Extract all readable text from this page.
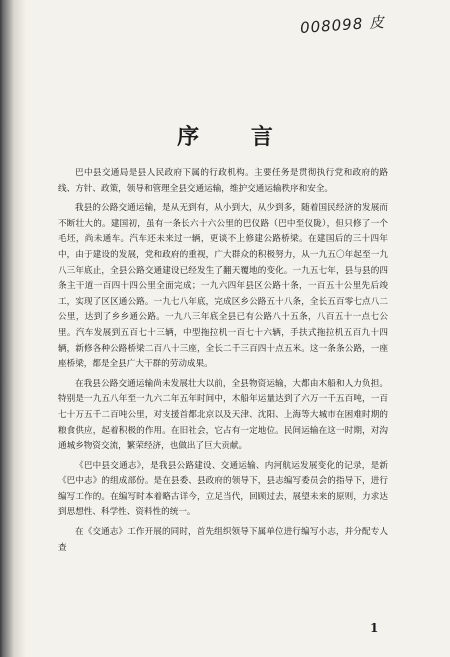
008098 皮
序 言

巴中县交通局是县人民政府下属的行政机构。主要任务是贯彻执行党和政府的路线、方针、政策，领导和管理全县交通运输，维护交通运输秩序和安全。

我县的公路交通运输，是从无到有，从小到大，从少到多，随着国民经济的发展而不断壮大的。建国初，虽有一条长六十六公里的巴仪路（巴中至仪陇），但只修了一个毛坯，尚未通车。汽车还未来过一辆，更谈不上修建公路桥梁。在建国后的三十四年中，由于建设的发展，党和政府的重视，广大群众的积极努力，从一九五〇年起至一九八三年底止，全县公路交通建设已经发生了翻天覆地的变化。一九五七年，县与县的四条主干道一百四十四公里全面完成；一九六四年县区公路十条，一百五十公里先后竣工，实现了区区通公路。一九七八年底，完成区乡公路五十八条，全长五百零七点八二公里，达到了乡乡通公路。一九八三年底全县已有公路八十五条，八百五十一点七公里。汽车发展到五百七十三辆，中型拖拉机一百七十六辆，手扶式拖拉机五百九十四辆，新修各种公路桥梁二百八十三座，全长二千三百四十点五米。这一条条公路，一座座桥梁，都是全县广大干群的劳动成果。

在我县公路交通运输尚未发展壮大以前，全县物资运输，大都由木船和人力负担。特别是一九五八年至一九六二年五年时间中，木船年运量达到了六万一千五百吨，一百七十万五千二百吨公里，对支援首都北京以及天津、沈阳、上海等大城市在困难时期的粮食供应，起着积极的作用。在旧社会，它占有一定地位。民间运输在这一时期，对沟通城乡物资交流，繁荣经济，也做出了巨大贡献。

《巴中县交通志》，是我县公路建设、交通运输、内河航运发展变化的记录，是新《巴中志》的组成部份。是在县委、县政府的领导下，县志编写委员会的指导下，进行编写工作的。在编写时本着略古详今，立足当代，回顾过去，展望未来的原则，力求达到思想性、科学性、资料性的统一。

在《交通志》工作开展的同时，首先组织领导下属单位进行编写小志，并分配专人查

1
